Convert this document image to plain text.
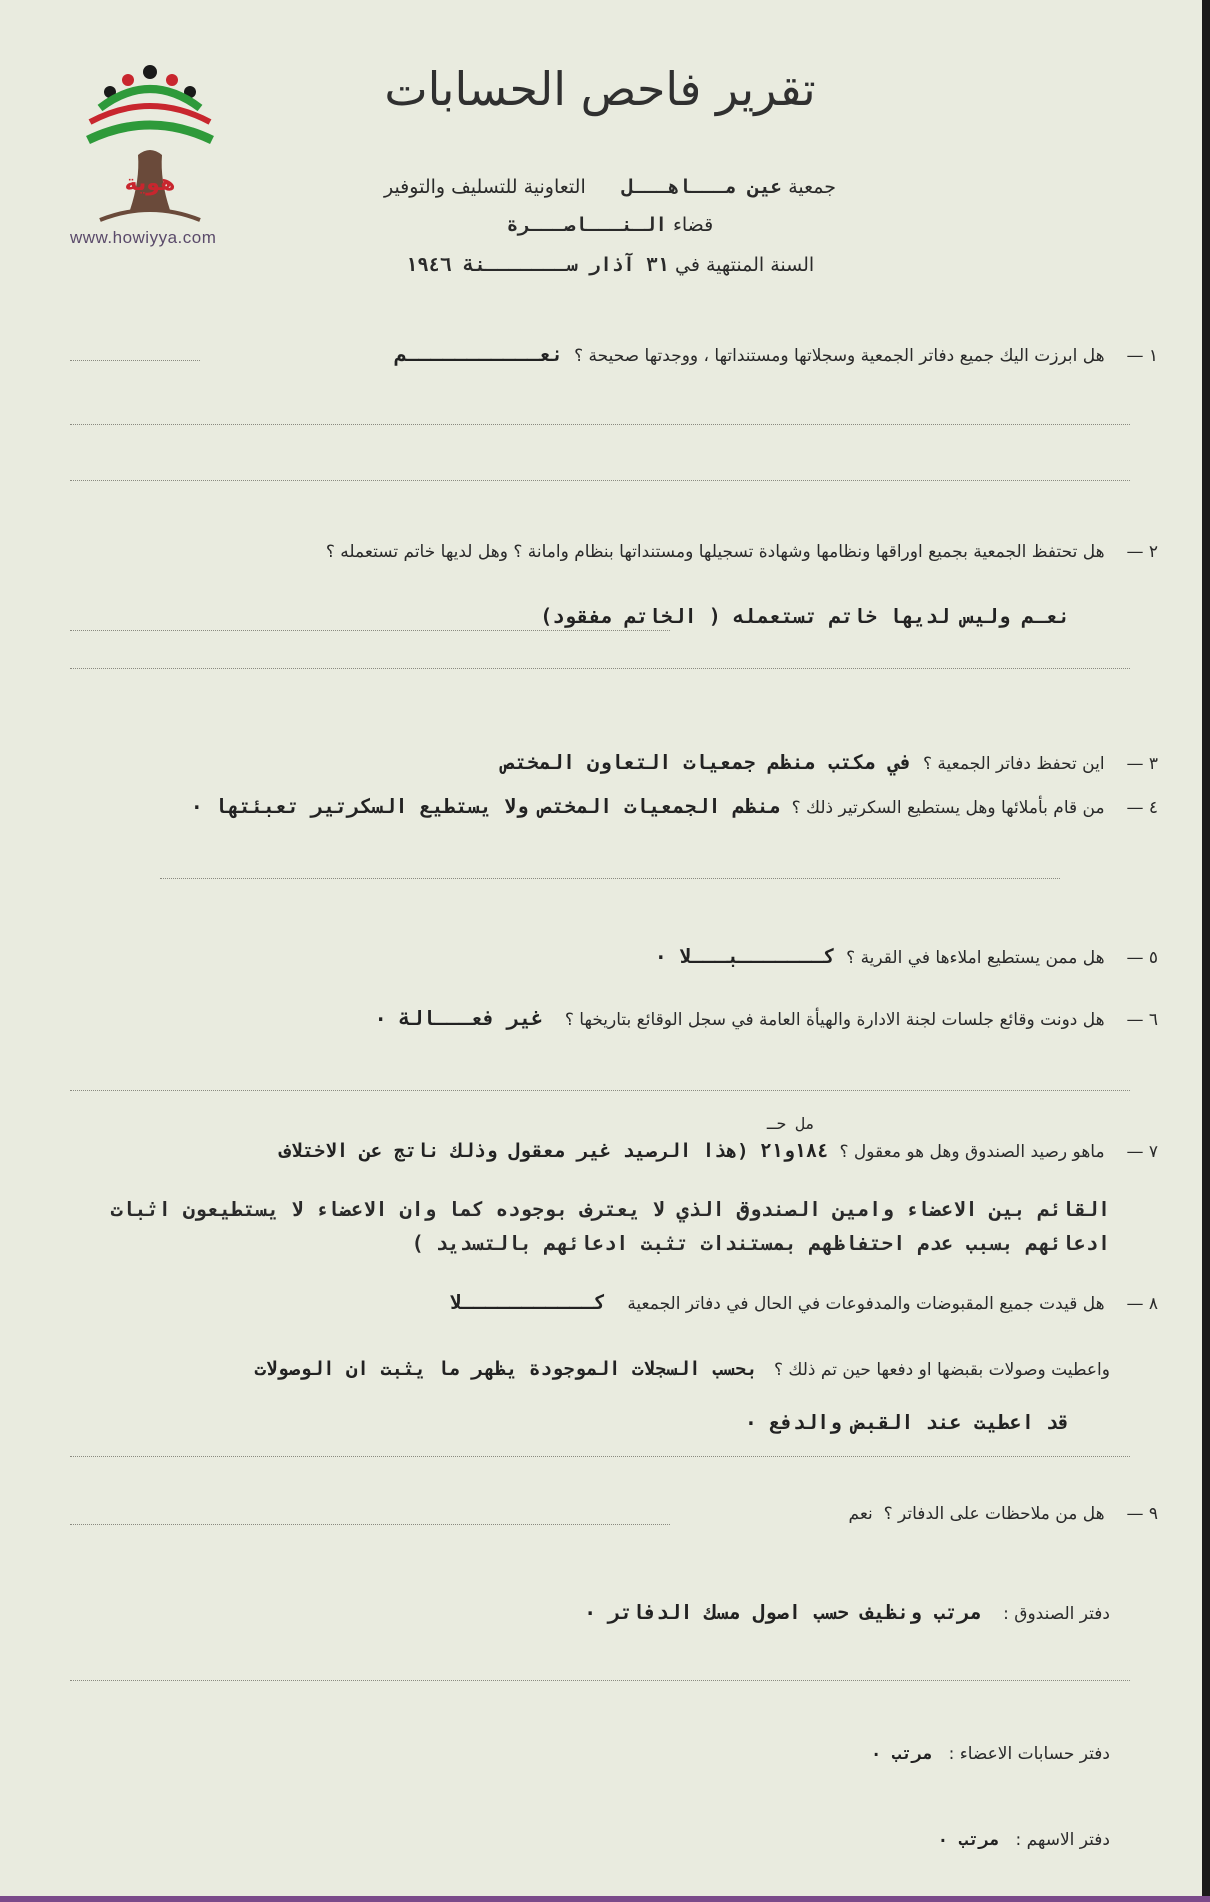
هوية
www.howiyya.com
تقرير فاحص الحسابات
جمعية عين مـــاهـــل      التعاونية للتسليف والتوفير
قضاء الـنـــاصـــرة
السنة المنتهية في ٣١ آذار ســـــــنة ١٩٤٦
١ — هل ابرزت اليك جميع دفاتر الجمعية وسجلاتها ومستنداتها ، ووجدتها صحيحة ؟  نعـــــــــــم
٢ — هل تحتفظ الجمعية بجميع اوراقها ونظامها وشهادة تسجيلها ومستنداتها بنظام وامانة ؟ وهل لديها خاتم تستعمله ؟
نعـم وليس لديها خاتم تستعمله ( الخاتم مفقود)
٣ — اين تحفظ دفاتر الجمعية ؟  في مكتب منظم جمعيات التعاون المختص
٤ — من قام بأملائها وهل يستطيع السكرتير ذلك ؟  منظم الجمعيات المختص ولا يستطيع السكرتير تعبئتها ٠
٥ — هل ممن يستطيع املاءها في القرية ؟  كـــــــبـــلا ٠
٦ — هل دونت وقائع جلسات لجنة الادارة والهيأة العامة في سجل الوقائع بتاريخها ؟    غير فعـــالة ٠
مل حـ
٧ — ماهو رصيد الصندوق وهل هو معقول ؟  ١٨٤و٢١ (هذا الرصيد غير معقول وذلك ناتج عن الاختلاف
القائم بين الاعضاء وامين الصندوق الذي لا يعترف بوجوده كما وان الاعضاء لا يستطيعون اثبات ادعائهم بسبب عدم احتفاظهم بمستندات تثبت ادعائهم بالتسديد )
٨ — هل قيدت جميع المقبوضات والمدفوعات في الحال في دفاتر الجمعية    كـــــــــــلا
واعطيت وصولات بقبضها او دفعها حين تم ذلك ؟   بحسب السجلات الموجودة يظهر ما يثبت ان الوصولات
قد اعطيت عند القبض والدفع ٠
٩ — هل من ملاحظات على الدفاتر ؟  نعم
دفتر الصندوق :    مرتب ونظيف حسب اصول مسك الدفاتر ٠
دفتر حسابات الاعضاء :   مرتب ٠
دفتر الاسهم :   مرتب ٠
